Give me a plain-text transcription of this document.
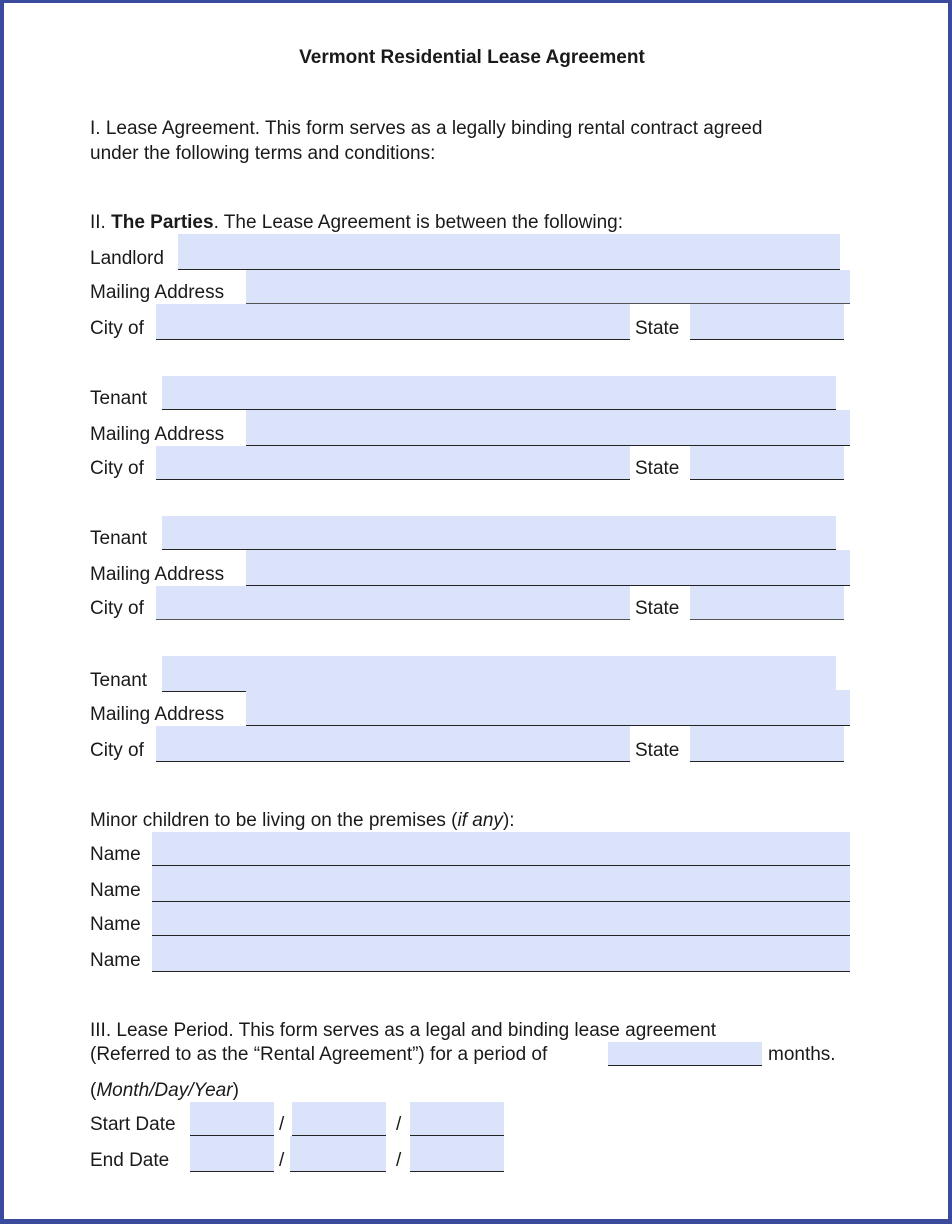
Vermont Residential Lease Agreement
I. Lease Agreement. This form serves as a legally binding rental contract agreed
under the following terms and conditions:
II. The Parties. The Lease Agreement is between the following:
Landlord
Mailing Address
City of	State
Tenant
Mailing Address
City of	State
Tenant
Mailing Address
City of	State
Tenant
Mailing Address
City of	State
Minor children to be living on the premises (if any):
Name
Name
Name
Name
III. Lease Period. This form serves as a legal and binding lease agreement
(Referred to as the “Rental Agreement”) for a period of	months.
(Month/Day/Year)
Start Date	/	/
End Date	/	/
